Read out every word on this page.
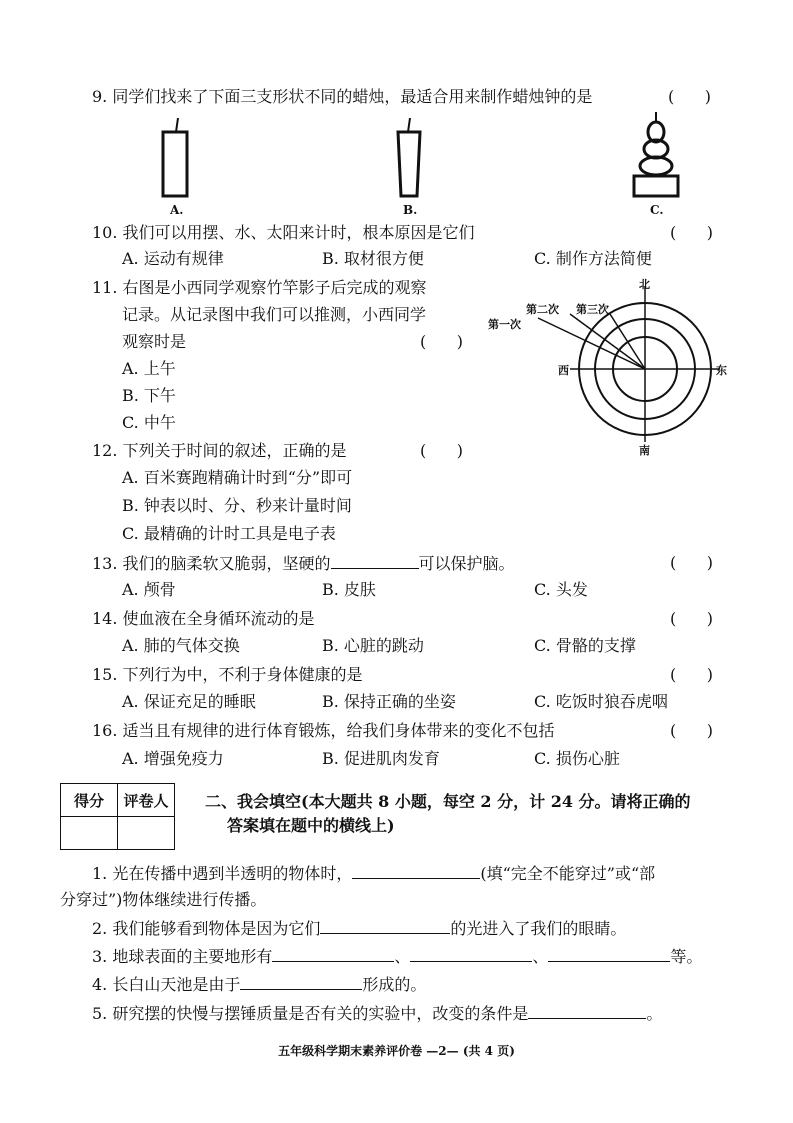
9. 同学们找来了下面三支形状不同的蜡烛，最适合用来制作蜡烛钟的是	(      )
A.	B.	C.
10. 我们可以用摆、水、太阳来计时，根本原因是它们	(      )
A. 运动有规律	B. 取材很方便	C. 制作方法简便
11. 右图是小西同学观察竹竿影子后完成的观察
记录。从记录图中我们可以推测，小西同学
观察时是	(      )
A. 上午
B. 下午
C. 中午
北
南
西	东
第一次
第二次 第三次
12. 下列关于时间的叙述，正确的是	(      )
A. 百米赛跑精确计时到“分”即可
B. 钟表以时、分、秒来计量时间
C. 最精确的计时工具是电子表
13. 我们的脑柔软又脆弱，坚硬的	可以保护脑。	(      )
A. 颅骨	B. 皮肤	C. 头发
14. 使血液在全身循环流动的是	(      )
A. 肺的气体交换	B. 心脏的跳动	C. 骨骼的支撑
15. 下列行为中，不利于身体健康的是	(      )
A. 保证充足的睡眠	B. 保持正确的坐姿	C. 吃饭时狼吞虎咽
16. 适当且有规律的进行体育锻炼，给我们身体带来的变化不包括	(      )
A. 增强免疫力	B. 促进肌肉发育	C. 损伤心脏
得分	评卷人
	二、我会填空(本大题共 8 小题，每空 2 分，计 24 分。请将正确的
答案填在题中的横线上)
1. 光在传播中遇到半透明的物体时，	(填“完全不能穿过”或“部
分穿过”)物体继续进行传播。
2. 我们能够看到物体是因为它们	的光进入了我们的眼睛。
3. 地球表面的主要地形有	、	、	等。
4. 长白山天池是由于	形成的。
5. 研究摆的快慢与摆锤质量是否有关的实验中，改变的条件是	。
五年级科学期末素养评价卷 —2— (共 4 页)
